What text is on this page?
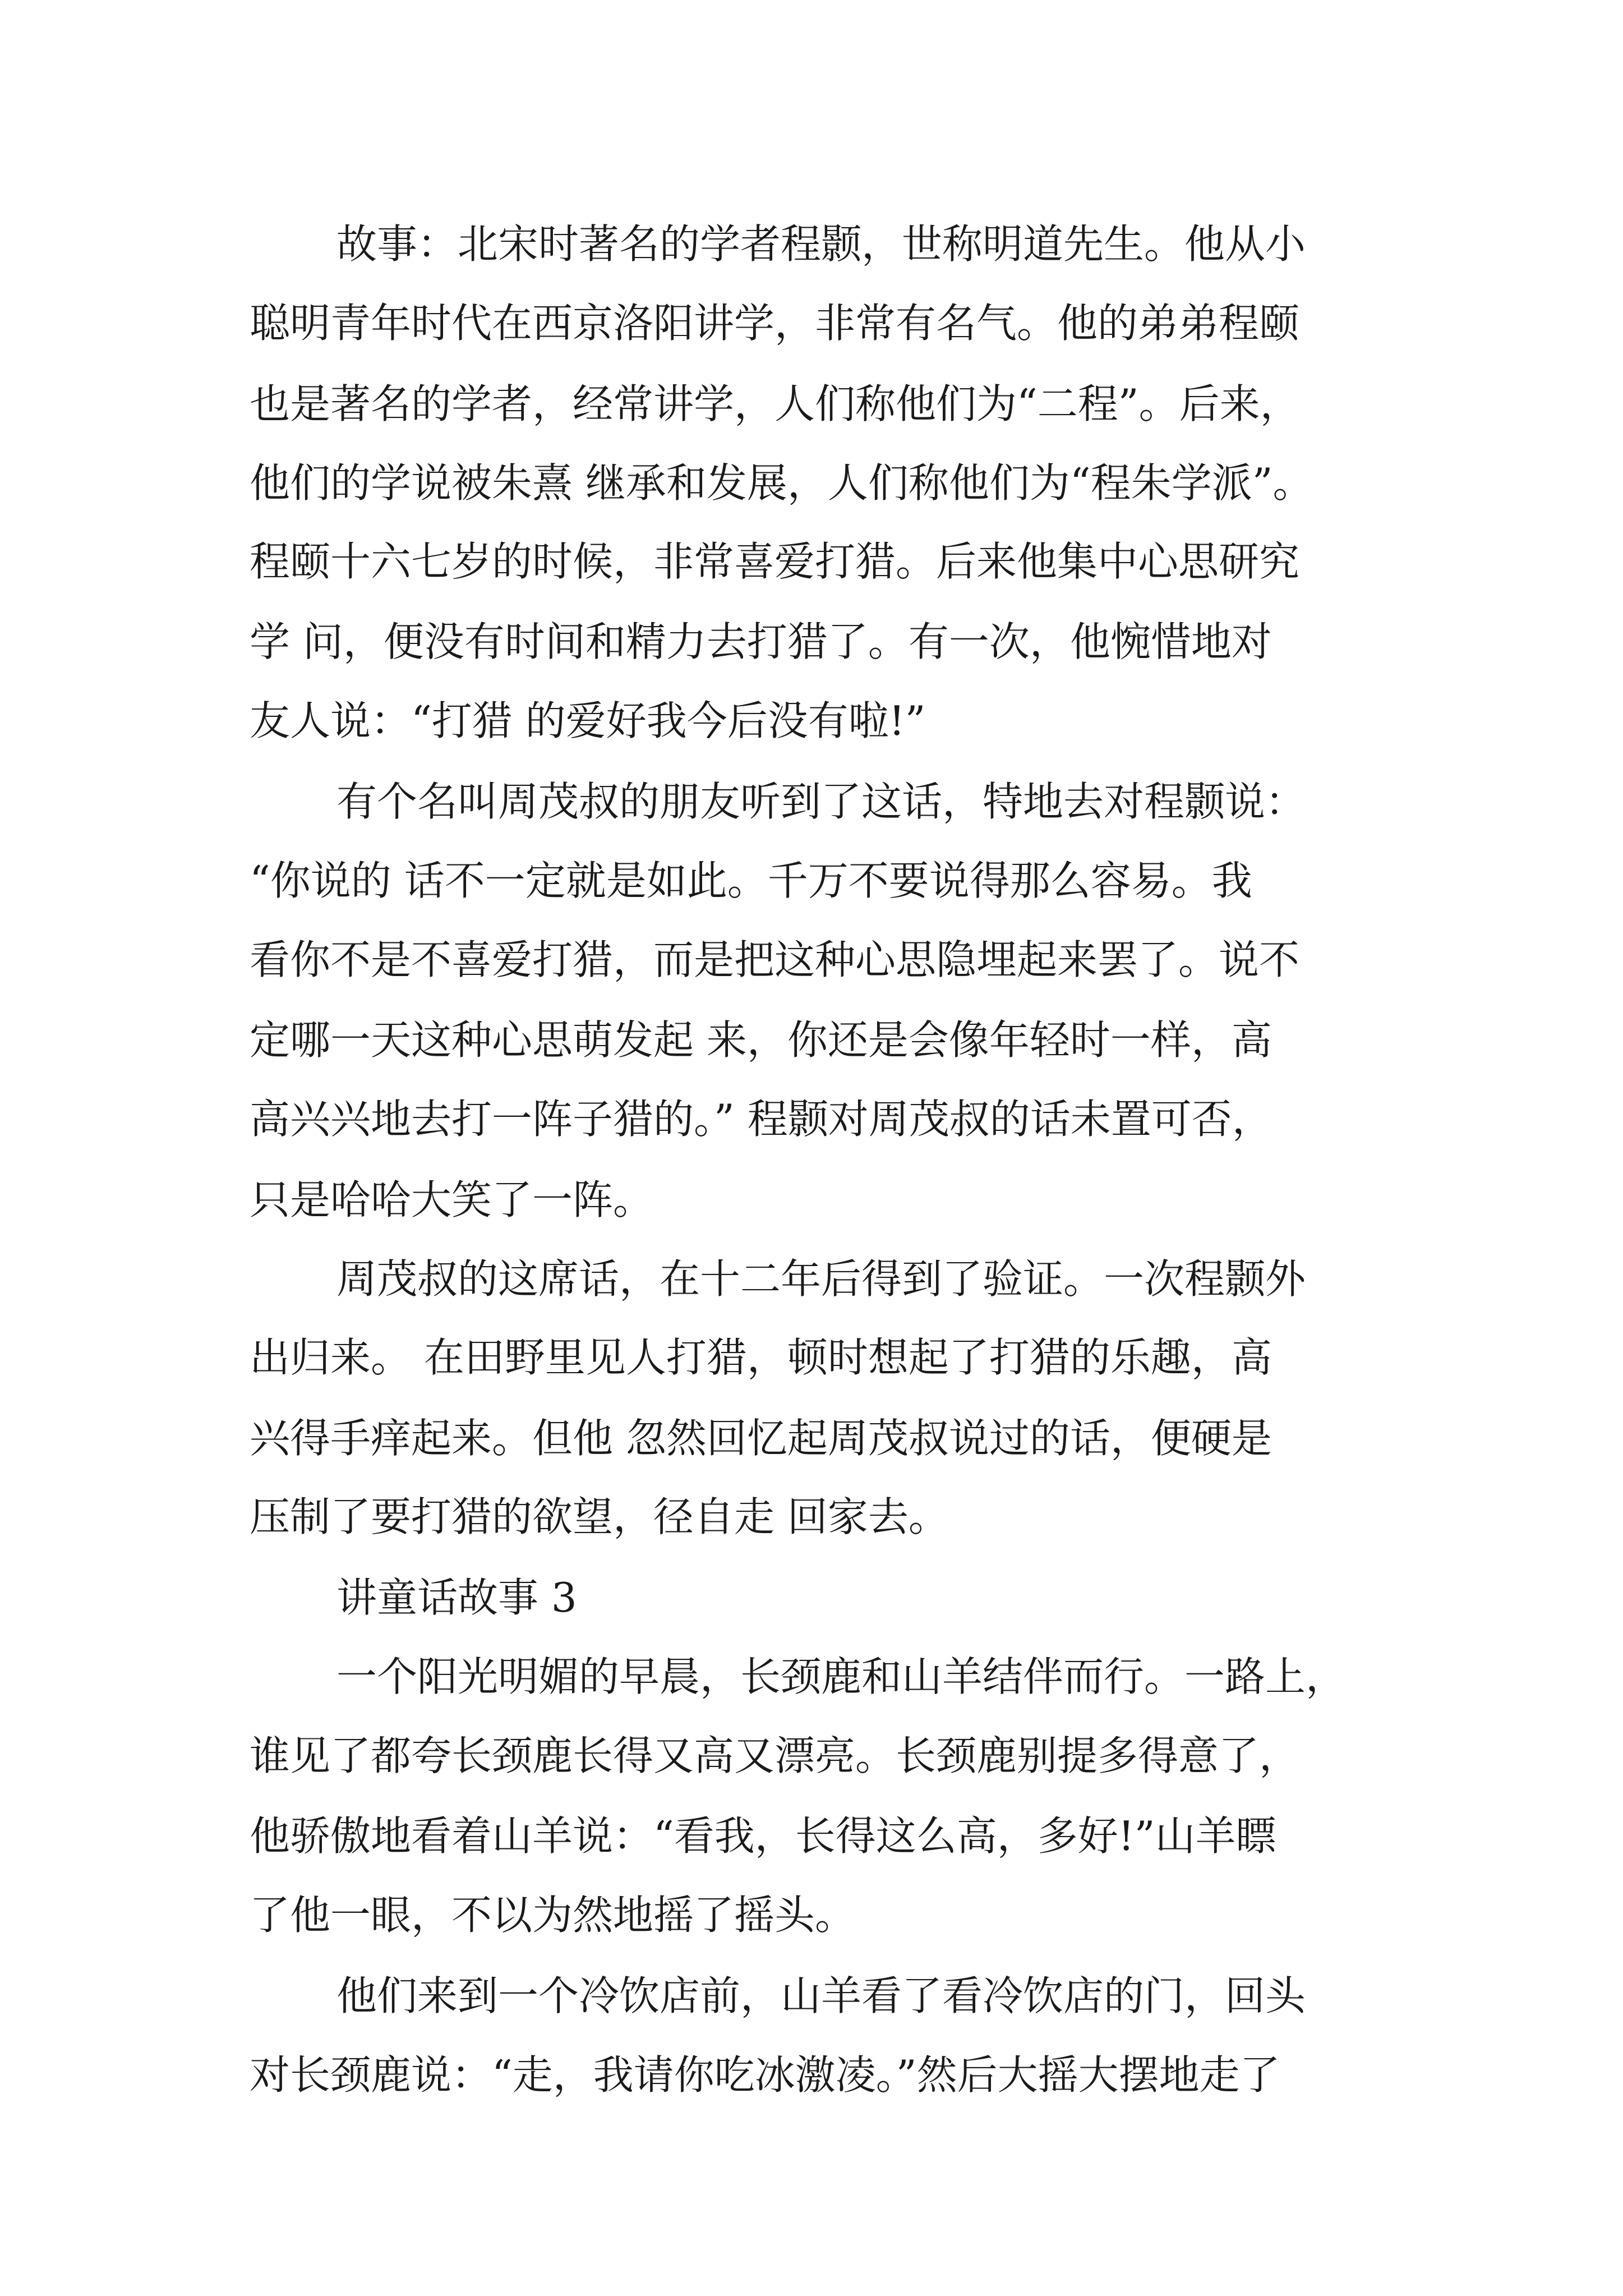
故事：北宋时著名的学者程颢，世称明道先生。他从小
聪明青年时代在西京洛阳讲学，非常有名气。他的弟弟程颐
也是著名的学者，经常讲学，人们称他们为“二程”。后来，
他们的学说被朱熹 继承和发展，人们称他们为“程朱学派”。
程颐十六七岁的时候，非常喜爱打猎。后来他集中心思研究
学 问，便没有时间和精力去打猎了。有一次，他惋惜地对
友人说：“打猎 的爱好我今后没有啦!”
有个名叫周茂叔的朋友听到了这话，特地去对程颢说：
“你说的 话不一定就是如此。千万不要说得那么容易。我
看你不是不喜爱打猎，而是把这种心思隐埋起来罢了。说不
定哪一天这种心思萌发起 来，你还是会像年轻时一样，高
高兴兴地去打一阵子猎的。” 程颢对周茂叔的话未置可否，
只是哈哈大笑了一阵。
周茂叔的这席话，在十二年后得到了验证。一次程颢外
出归来。 在田野里见人打猎，顿时想起了打猎的乐趣，高
兴得手痒起来。但他 忽然回忆起周茂叔说过的话，便硬是
压制了要打猎的欲望，径自走 回家去。
讲童话故事 3
一个阳光明媚的早晨，长颈鹿和山羊结伴而行。一路上，
谁见了都夸长颈鹿长得又高又漂亮。长颈鹿别提多得意了，
他骄傲地看着山羊说：“看我，长得这么高，多好!”山羊瞟
了他一眼，不以为然地摇了摇头。
他们来到一个冷饮店前，山羊看了看冷饮店的门，回头
对长颈鹿说：“走，我请你吃冰激凌。”然后大摇大摆地走了
